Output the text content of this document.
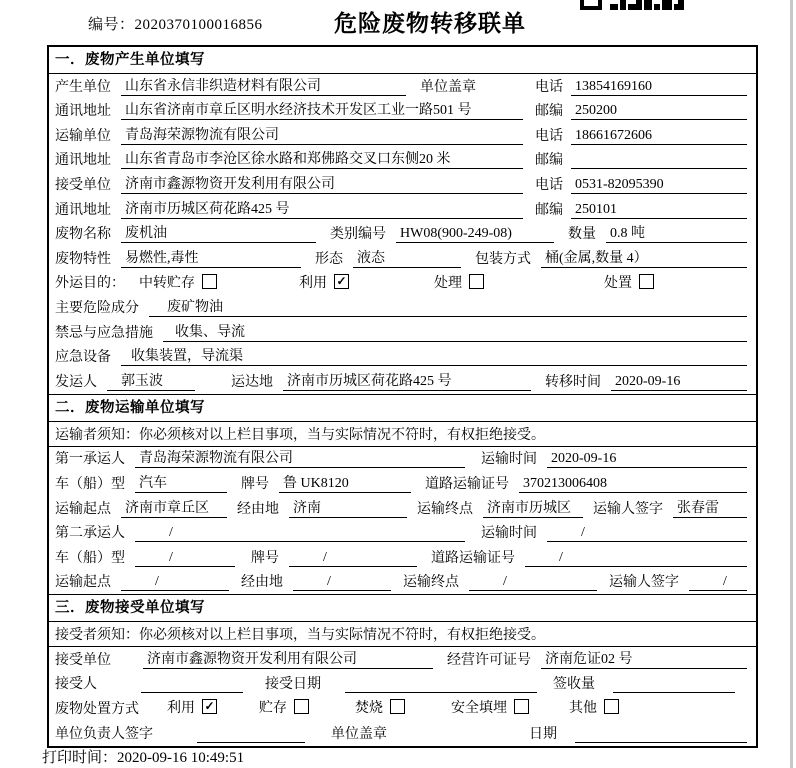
编号：2020370100016856	危险废物转移联单
一．废物产生单位填写
产生单位 山东省永信非织造材料有限公司	单位盖章	电话 13854169160
通讯地址 山东省济南市章丘区明水经济技术开发区工业一路501 号	邮编 250200
运输单位 青岛海荣源物流有限公司	电话 18661672606
通讯地址 山东省青岛市李沧区徐水路和郑佛路交叉口东侧20 米	邮编
接受单位 济南市鑫源物资开发利用有限公司	电话 0531-82095390
通讯地址 济南市历城区荷花路425 号	邮编 250101
废物名称 废机油	类别编号 HW08(900-249-08)	数量 0.8 吨
废物特性 易燃性,毒性	形态 液态	包装方式 桶(金属,数量 4）
外运目的： 中转贮存	利用 ✓	处理	处置
主要危险成分	废矿物油
禁忌与应急措施	收集、导流
应急设备	收集装置，导流渠
发运人	郭玉波	运达地 济南市历城区荷花路425 号	转移时间 2020-09-16
二．废物运输单位填写
运输者须知：你必须核对以上栏目事项，当与实际情况不符时，有权拒绝接受。
第一承运人 青岛海荣源物流有限公司	运输时间 2020-09-16
车（船）型 汽车	牌号 鲁 UK8120	道路运输证号 370213006408
运输起点 济南市章丘区	经由地 济南	运输终点 济南市历城区	运输人签字 张春雷
第二承运人	/	运输时间	/
车（船）型	/	牌号	/	道路运输证号	/
运输起点	/	经由地	/	运输终点	/	运输人签字	/
三．废物接受单位填写
接受者须知：你必须核对以上栏目事项，当与实际情况不符时，有权拒绝接受。
接受单位	济南市鑫源物资开发利用有限公司	经营许可证号 济南危证02 号
接受人	接受日期	签收量
废物处置方式 利用 ✓	贮存	焚烧	安全填埋	其他
单位负责人签字	单位盖章	日期
打印时间：2020-09-16 10:49:51
